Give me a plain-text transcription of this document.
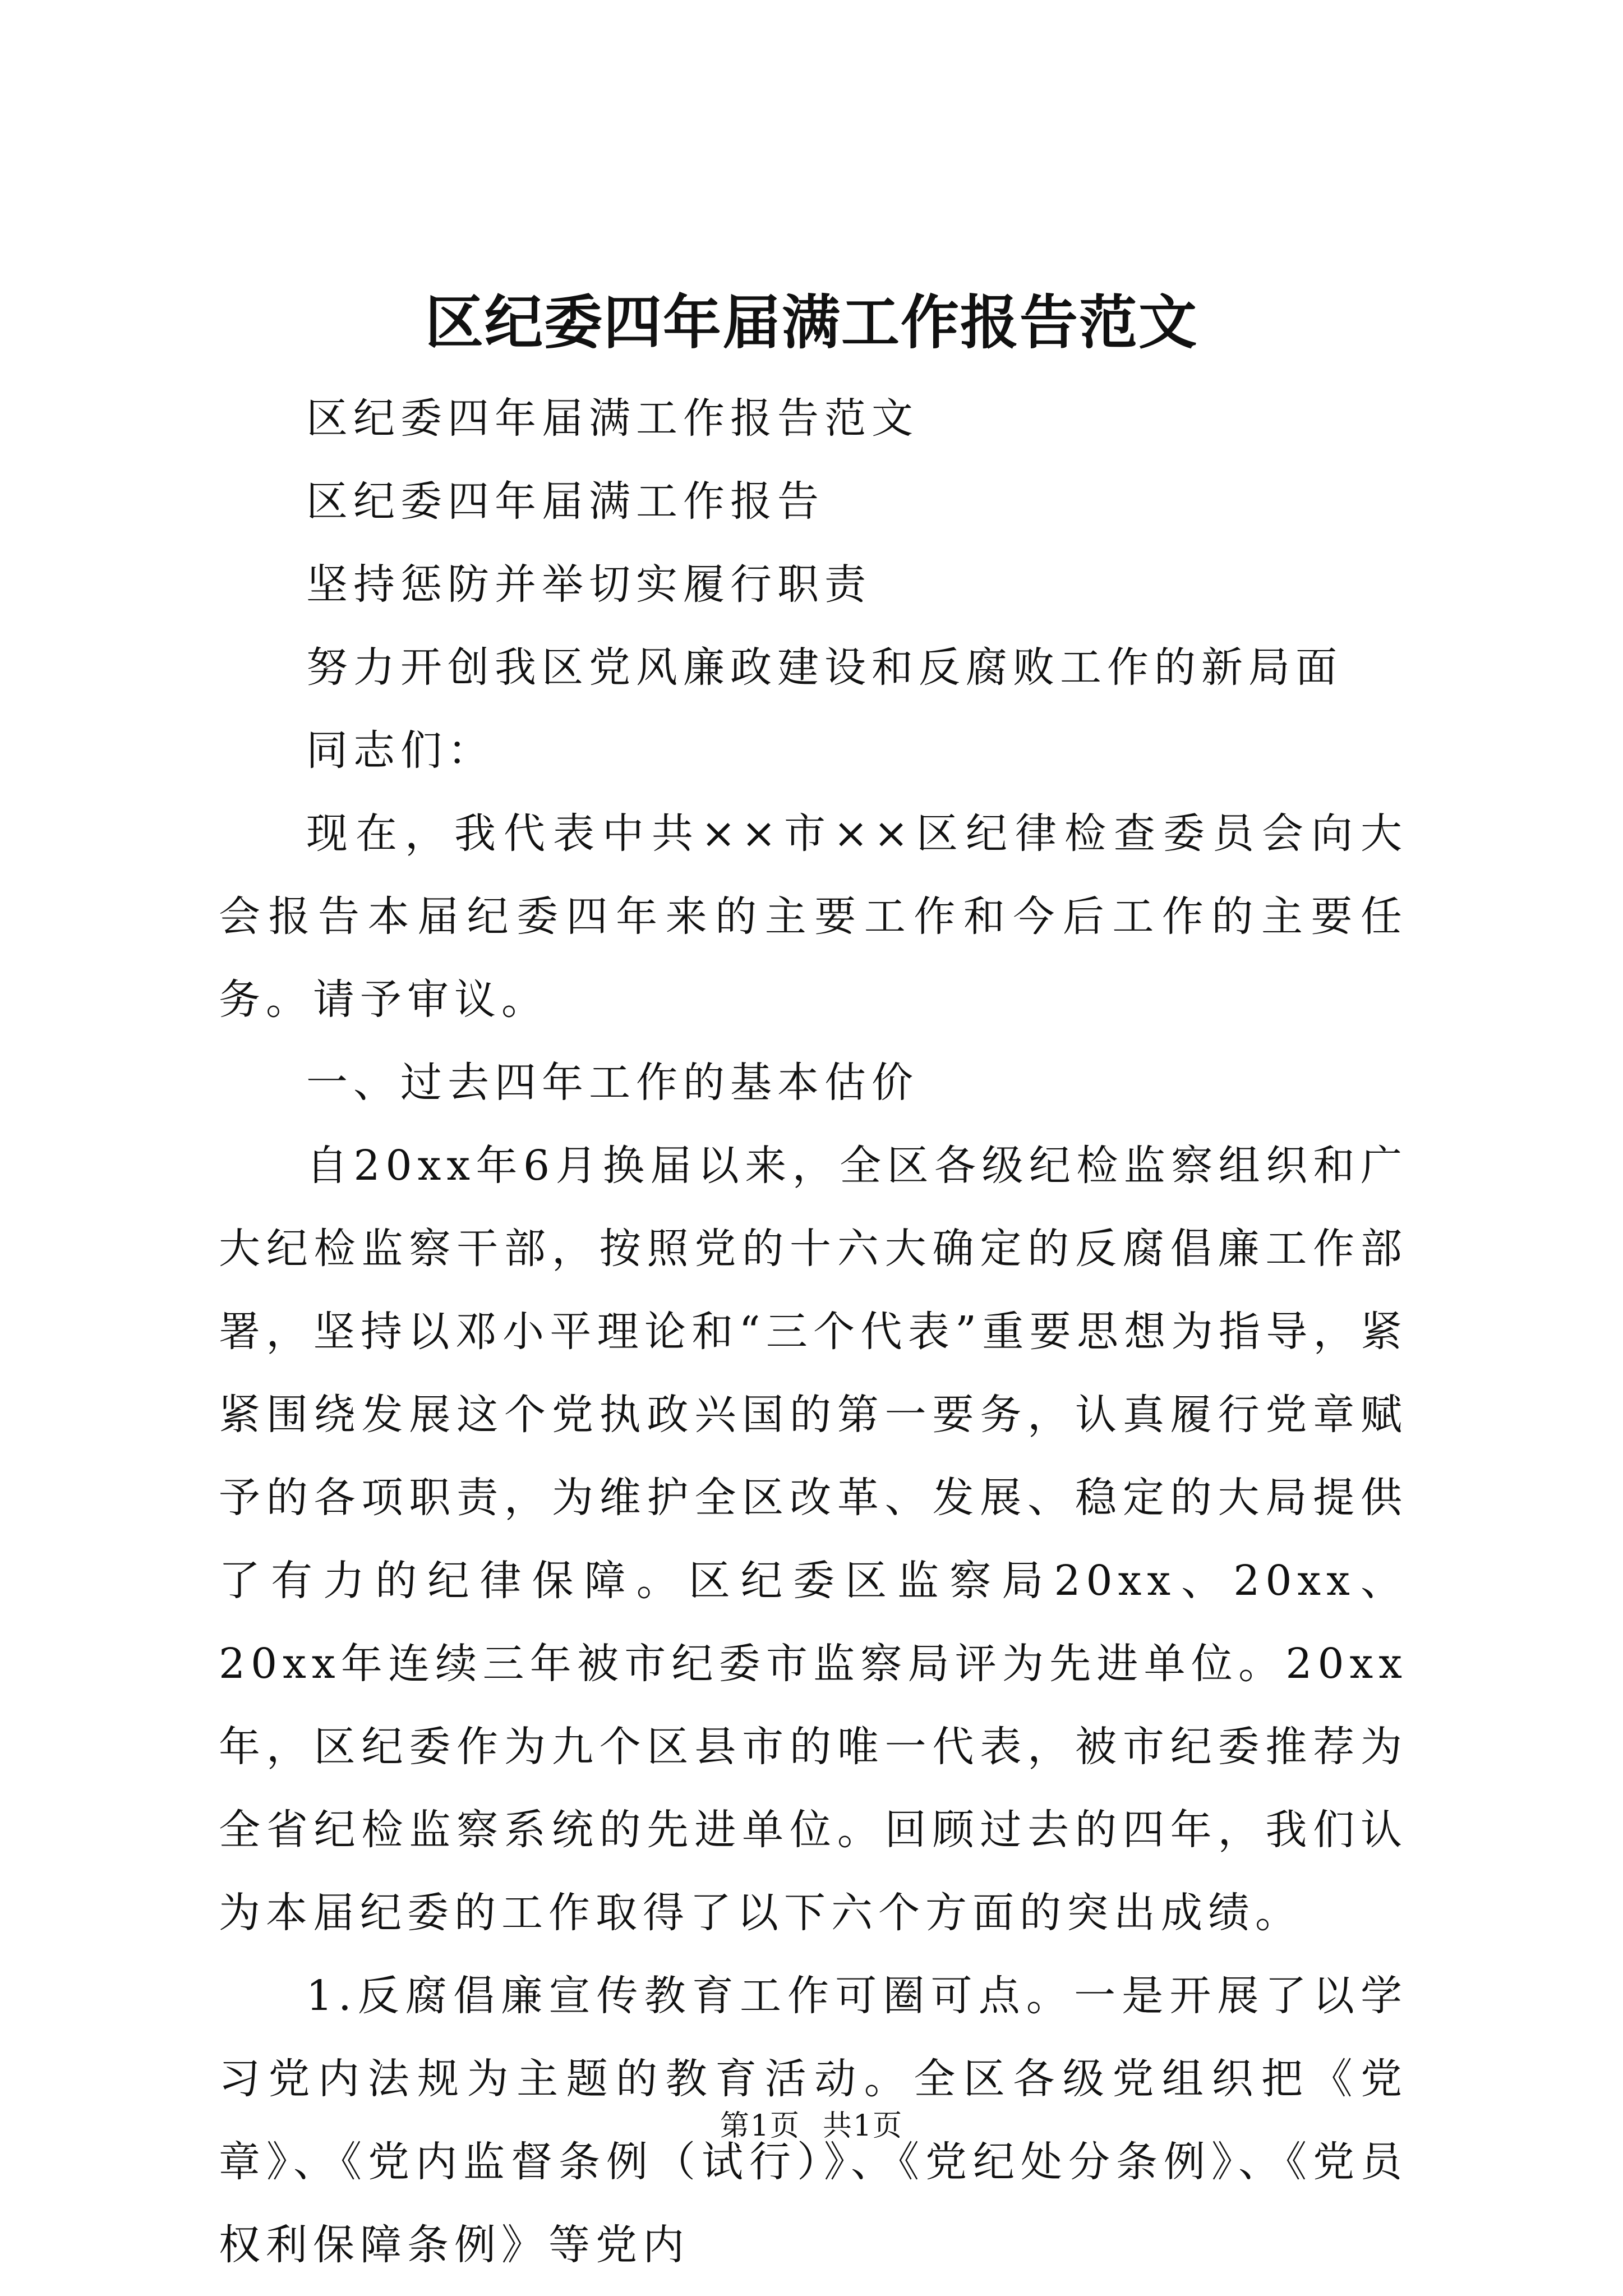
区纪委四年届满工作报告范文

区纪委四年届满工作报告范文

区纪委四年届满工作报告

坚持惩防并举切实履行职责

努力开创我区党风廉政建设和反腐败工作的新局面

同志们：

现在，我代表中共××市××区纪律检查委员会向大会报告本届纪委四年来的主要工作和今后工作的主要任务。请予审议。

一、过去四年工作的基本估价

自20xx年6月换届以来，全区各级纪检监察组织和广大纪检监察干部，按照党的十六大确定的反腐倡廉工作部署，坚持以邓小平理论和“三个代表”重要思想为指导，紧紧围绕发展这个党执政兴国的第一要务，认真履行党章赋予的各项职责，为维护全区改革、发展、稳定的大局提供了有力的纪律保障。区纪委区监察局20xx、20xx、20xx年连续三年被市纪委市监察局评为先进单位。20xx年，区纪委作为九个区县市的唯一代表，被市纪委推荐为全省纪检监察系统的先进单位。回顾过去的四年，我们认为本届纪委的工作取得了以下六个方面的突出成绩。

1.反腐倡廉宣传教育工作可圈可点。一是开展了以学习党内法规为主题的教育活动。全区各级党组织把《党章》、《党内监督条例（试行）》、《党纪处分条例》、《党员权利保障条例》等党内

第1页 共1页
